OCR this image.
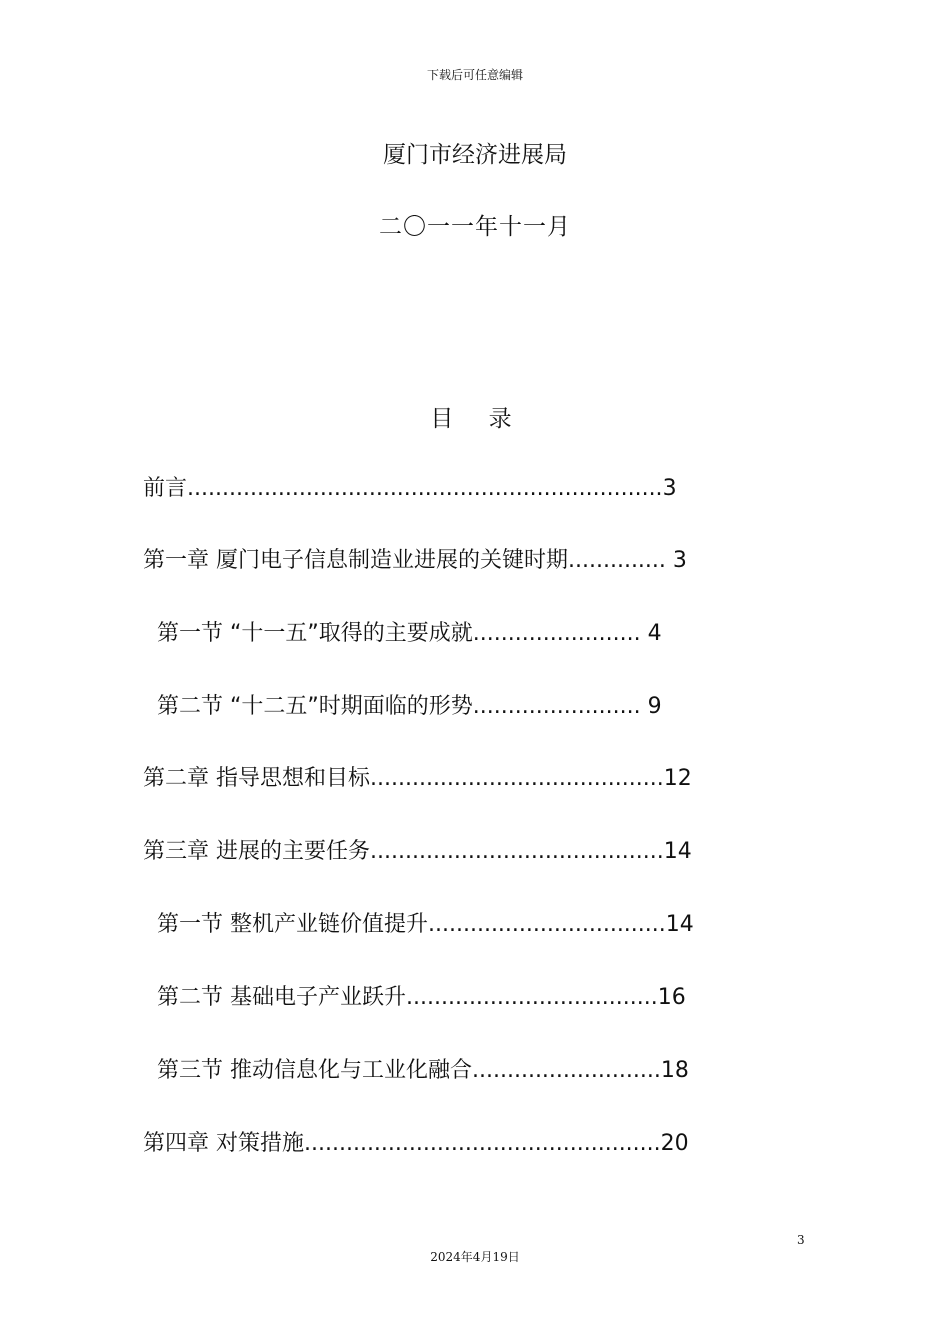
下载后可任意编辑
厦门市经济进展局
二〇一一年十一月
目 录
前言....................................................................3
第一章 厦门电子信息制造业进展的关键时期.............. 3
第一节 “十一五”取得的主要成就........................ 4
第二节 “十二五”时期面临的形势........................ 9
第二章 指导思想和目标..........................................12
第三章 进展的主要任务..........................................14
第一节 整机产业链价值提升..................................14
第二节 基础电子产业跃升....................................16
第三节 推动信息化与工业化融合...........................18
第四章 对策措施...................................................20
3
2024年4月19日
